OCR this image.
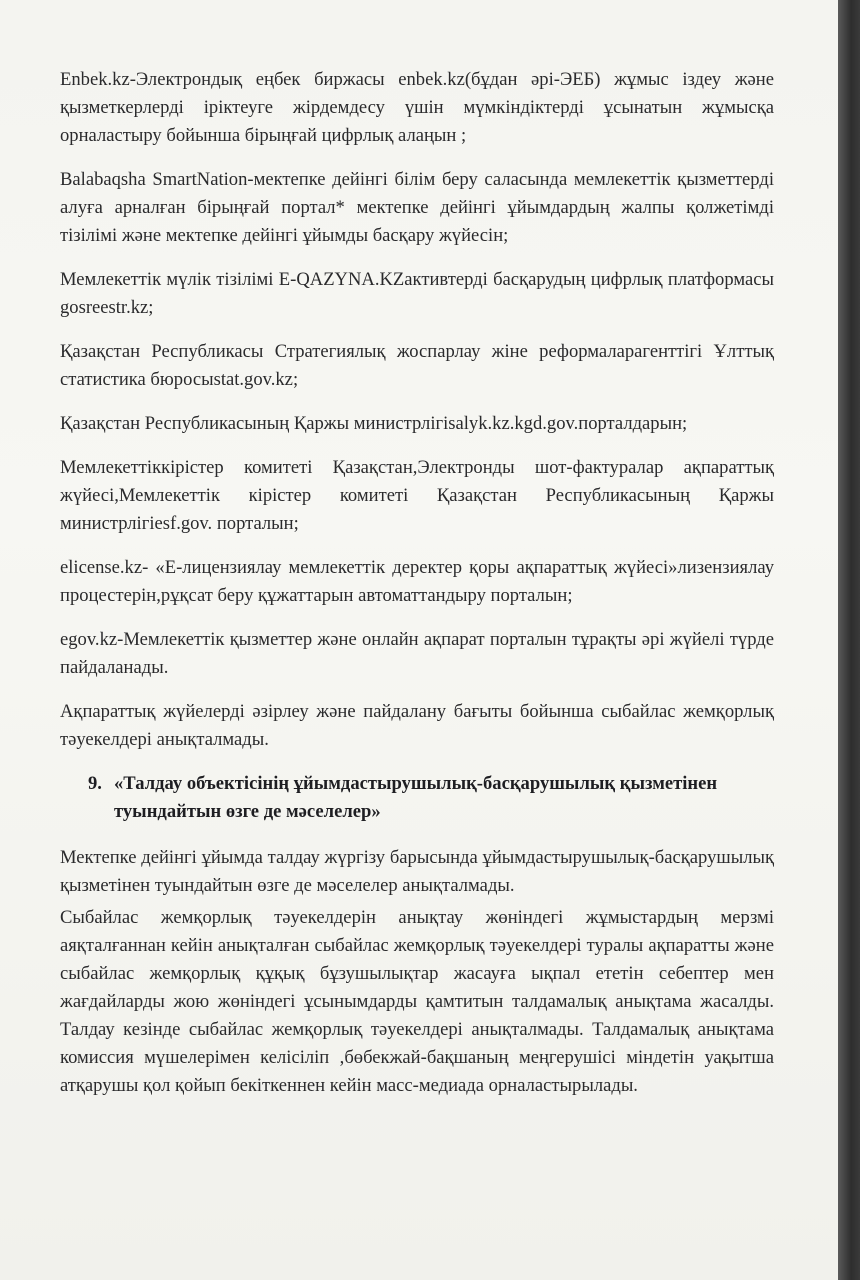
Enbek.kz-Электрондық еңбек биржасы enbek.kz(бұдан әрі-ЭЕБ) жұмыс іздеу және қызметкерлерді іріктеуге жірдемдесу үшін мүмкіндіктерді ұсынатын жұмысқа орналастыру бойынша бірыңғай цифрлық алаңын ;

Balabaqsha SmartNation-мектепке дейінгі білім беру саласында мемлекеттік қызметтерді алуға арналған бірыңғай портал* мектепке дейінгі ұйымдардың жалпы қолжетімді тізілімі және мектепке дейінгі ұйымды басқару жүйесін;

Мемлекеттік мүлік тізілімі E-QAZYNA.KZактивтерді басқарудың цифрлық платформасы gosreestr.kz;

Қазақстан Республикасы Стратегиялық жоспарлау жіне реформаларагенттігі Ұлттық статистика бюросыstat.gov.kz;

Қазақстан Республикасының Қаржы министрлігіsalyk.kz.kgd.gov.порталдарын;

Мемлекеттіккірістер комитеті Қазақстан,Электронды шот-фактуралар ақпараттық жүйесі,Мемлекеттік кірістер комитеті Қазақстан Республикасының Қаржы министрлігіesf.gov. порталын;

elicense.kz- «Е-лицензиялау мемлекеттік деректер қоры ақпараттық жүйесі»лизензиялау процестерін,рұқсат беру құжаттарын автоматтандыру порталын;

egov.kz-Мемлекеттік қызметтер және онлайн ақпарат порталын тұрақты әрі жүйелі түрде пайдаланады.

Ақпараттық жүйелерді әзірлеу және пайдалану бағыты бойынша сыбайлас жемқорлық тәуекелдері анықталмады.

9. «Талдау объектісінің ұйымдастырушылық-басқарушылық қызметінен туындайтын өзге де мәселелер»

Мектепке дейінгі ұйымда талдау жүргізу барысында ұйымдастырушылық-басқарушылық қызметінен туындайтын өзге де мәселелер анықталмады.

Сыбайлас жемқорлық тәуекелдерін анықтау жөніндегі жұмыстардың мерзмі аяқталғаннан кейін анықталған сыбайлас жемқорлық тәуекелдері туралы ақпаратты және сыбайлас жемқорлық құқық бұзушылықтар жасауға ықпал ететін себептер мен жағдайларды жою жөніндегі ұсынымдарды қамтитын талдамалық анықтама жасалды. Талдау кезінде сыбайлас жемқорлық тәуекелдері анықталмады. Талдамалық анықтама комиссия мүшелерімен келісіліп ,бөбекжай-бақшаның меңгерушісі міндетін уақытша атқарушы қол қойып бекіткеннен кейін масс-медиада орналастырылады.
